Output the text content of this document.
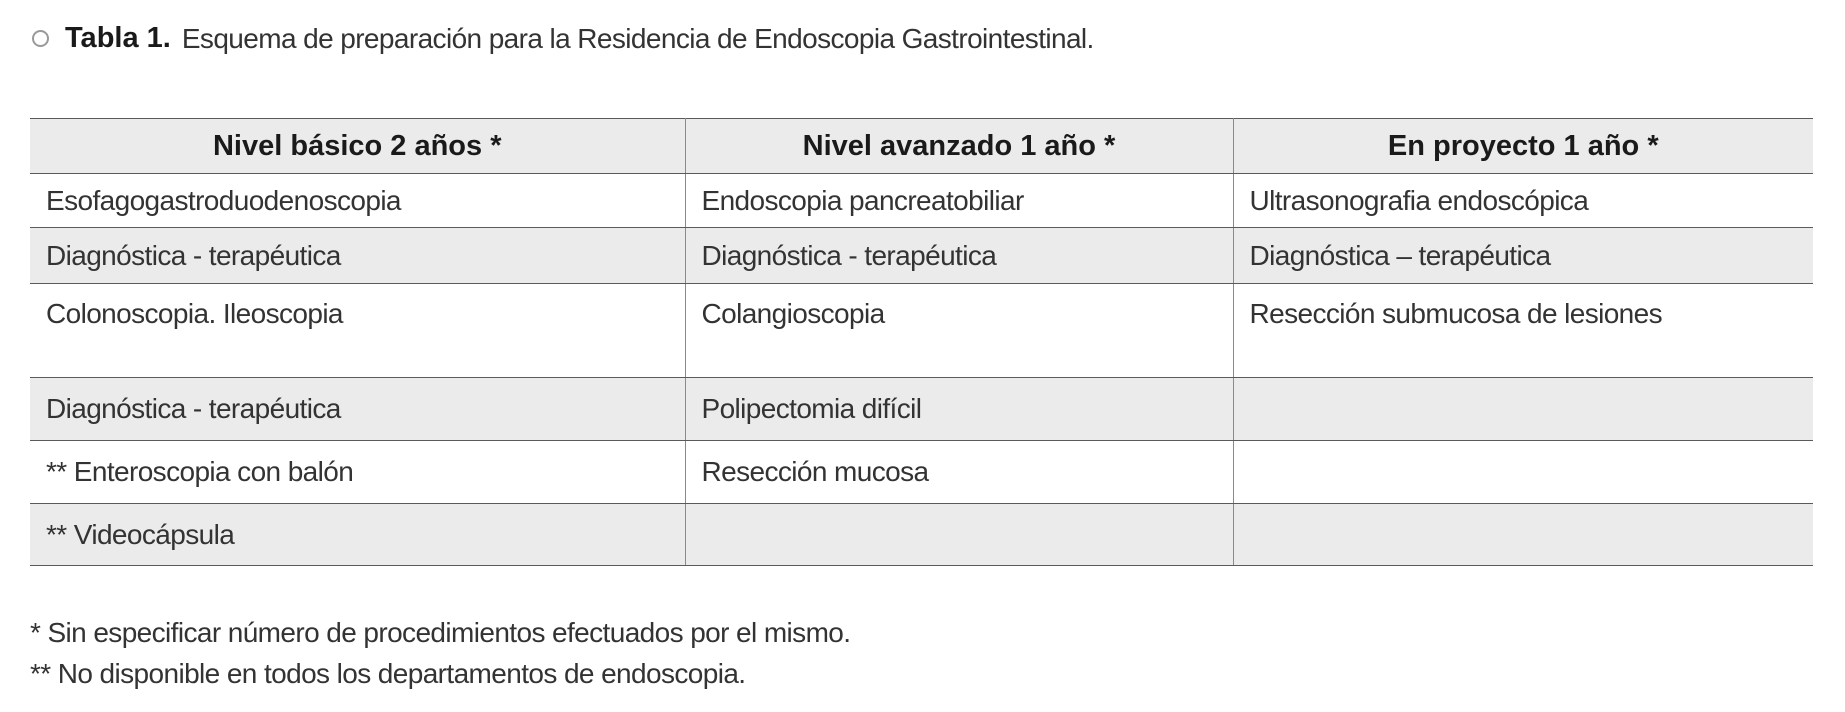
Tabla 1. Esquema de preparación para la Residencia de Endoscopia Gastrointestinal.
Nivel básico 2 años *	Nivel avanzado 1 año *	En proyecto 1 año *
Esofagogastroduodenoscopia	Endoscopia pancreatobiliar	Ultrasonografia endoscópica
Diagnóstica - terapéutica	Diagnóstica - terapéutica	Diagnóstica – terapéutica
Colonoscopia. Ileoscopia	Colangioscopia	Resección submucosa de lesiones
Diagnóstica - terapéutica	Polipectomia difícil	
** Enteroscopia con balón	Resección mucosa	
** Videocápsula		
* Sin especificar número de procedimientos efectuados por el mismo.
** No disponible en todos los departamentos de endoscopia.
